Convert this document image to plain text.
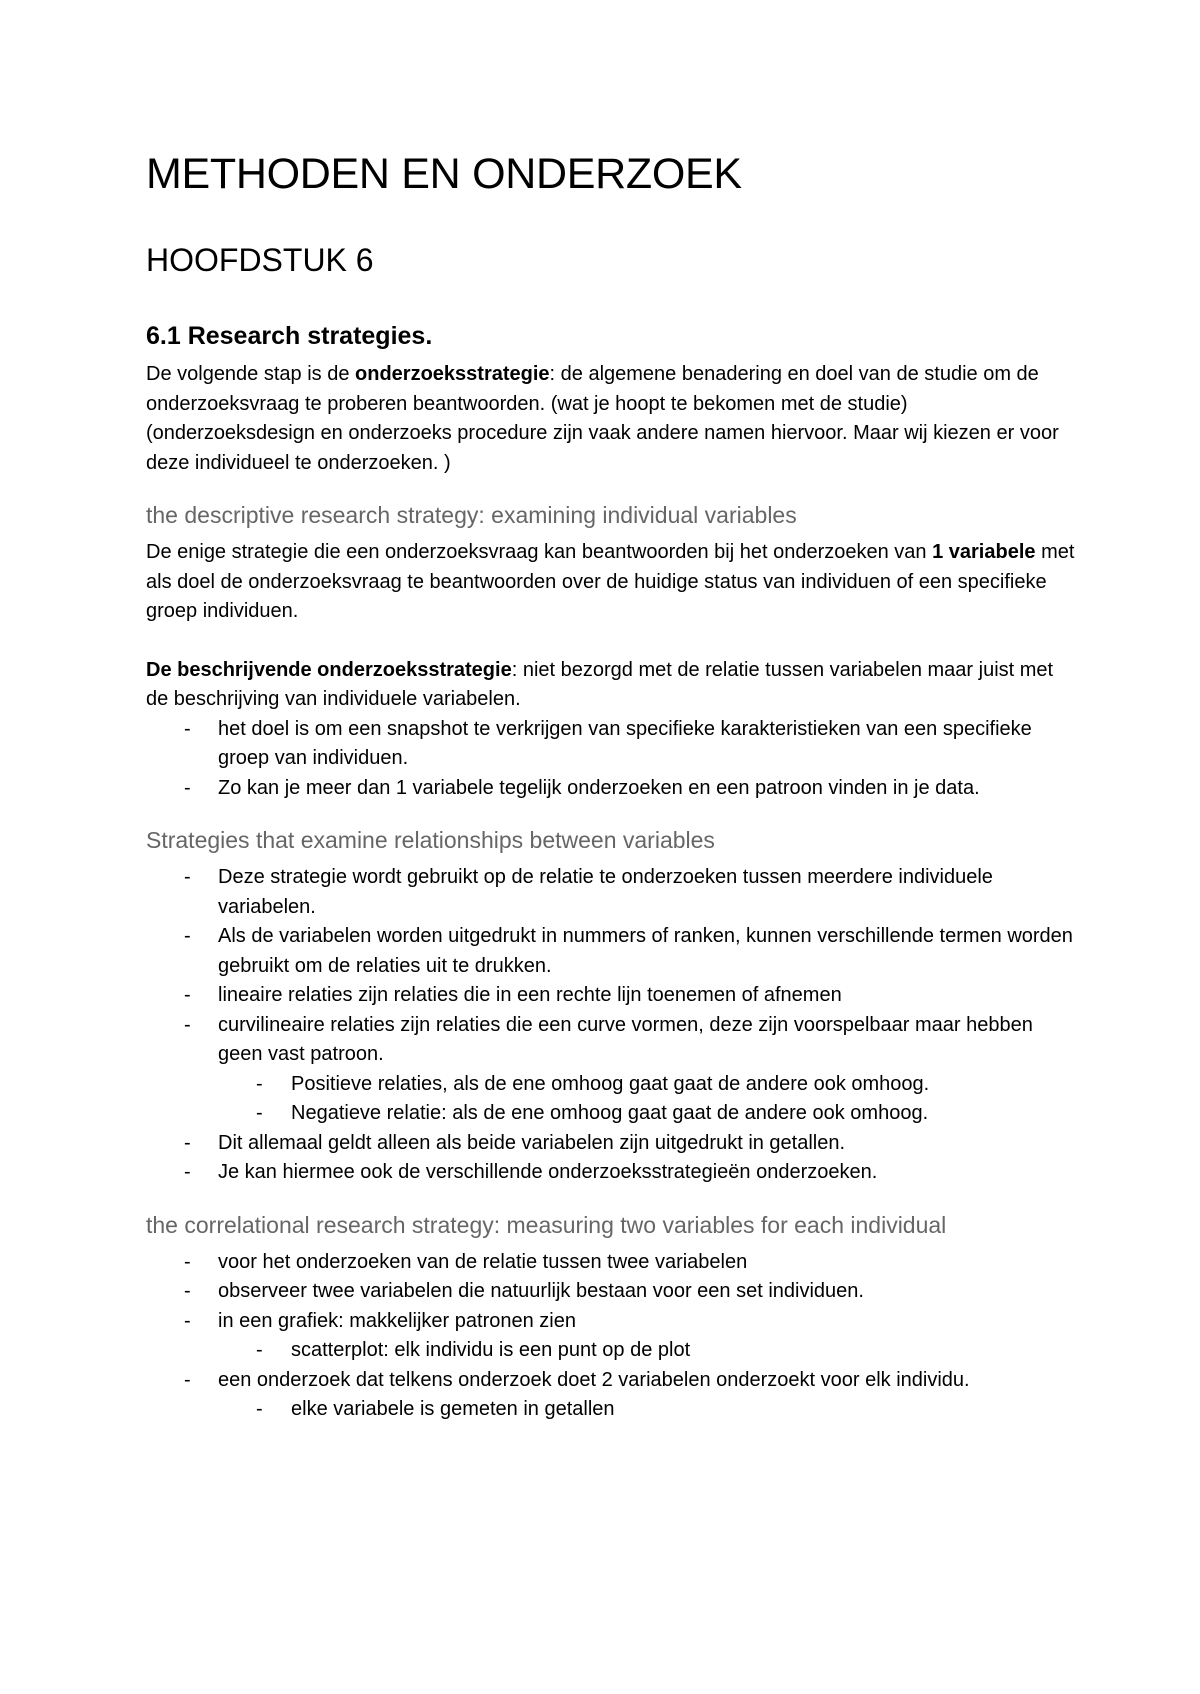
METHODEN EN ONDERZOEK
HOOFDSTUK 6
6.1 Research strategies.

De volgende stap is de onderzoeksstrategie: de algemene benadering en doel van de studie om de onderzoeksvraag te proberen beantwoorden. (wat je hoopt te bekomen met de studie) (onderzoeksdesign en onderzoeks procedure zijn vaak andere namen hiervoor. Maar wij kiezen er voor deze individueel te onderzoeken. )

the descriptive research strategy: examining individual variables

De enige strategie die een onderzoeksvraag kan beantwoorden bij het onderzoeken van 1 variabele met als doel de onderzoeksvraag te beantwoorden over de huidige status van individuen of een specifieke groep individuen.

De beschrijvende onderzoeksstrategie: niet bezorgd met de relatie tussen variabelen maar juist met de beschrijving van individuele variabelen.

- het doel is om een snapshot te verkrijgen van specifieke karakteristieken van een specifieke groep van individuen.
- Zo kan je meer dan 1 variabele tegelijk onderzoeken en een patroon vinden in je data.
Strategies that examine relationships between variables
- Deze strategie wordt gebruikt op de relatie te onderzoeken tussen meerdere individuele variabelen.
- Als de variabelen worden uitgedrukt in nummers of ranken, kunnen verschillende termen worden gebruikt om de relaties uit te drukken.
- lineaire relaties zijn relaties die in een rechte lijn toenemen of afnemen
- curvilineaire relaties zijn relaties die een curve vormen, deze zijn voorspelbaar maar hebben geen vast patroon.
- Positieve relaties, als de ene omhoog gaat gaat de andere ook omhoog.
- Negatieve relatie: als de ene omhoog gaat gaat de andere ook omhoog.
- Dit allemaal geldt alleen als beide variabelen zijn uitgedrukt in getallen.
- Je kan hiermee ook de verschillende onderzoeksstrategieën onderzoeken.
the correlational research strategy: measuring two variables for each individual
- voor het onderzoeken van de relatie tussen twee variabelen
- observeer twee variabelen die natuurlijk bestaan voor een set individuen.
- in een grafiek: makkelijker patronen zien
- scatterplot: elk individu is een punt op de plot
- een onderzoek dat telkens onderzoek doet 2 variabelen onderzoekt voor elk individu.
- elke variabele is gemeten in getallen
